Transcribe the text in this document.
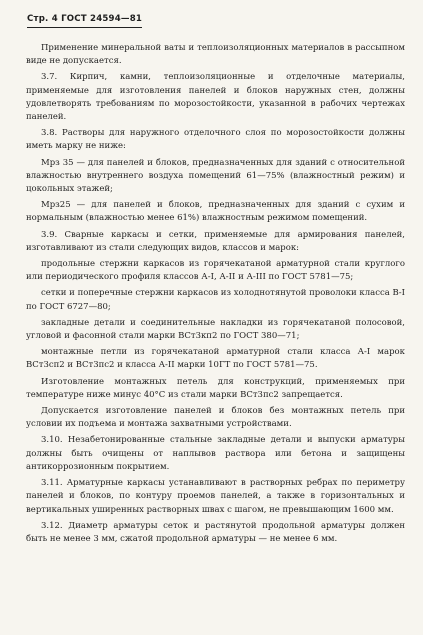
Стр. 4 ГОСТ 24594—81

Применение минеральной ваты и теплоизоляционных материалов в рассыпном виде не допускается.

3.7. Кирпич, камни, теплоизоляционные и отделочные материалы, применяемые для изготовления панелей и блоков наружных стен, должны удовлетворять требованиям по морозостойкости, указанной в рабочих чертежах панелей.

3.8. Растворы для наружного отделочного слоя по морозостойкости должны иметь марку не ниже:

Мрз 35 — для панелей и блоков, предназначенных для зданий с относительной влажностью внутреннего воздуха помещений 61—75% (влажностный режим) и цокольных этажей;

Мрз25 — для панелей и блоков, предназначенных для зданий с сухим и нормальным (влажностью менее 61%) влажностным режимом помещений.

3.9. Сварные каркасы и сетки, применяемые для армирования панелей, изготавливают из стали следующих видов, классов и марок:

продольные стержни каркасов из горячекатаной арматурной стали круглого или периодического профиля классов А-I, А-II и А-III по ГОСТ 5781—75;

сетки и поперечные стержни каркасов из холоднотянутой проволоки класса В-I по ГОСТ 6727—80;

закладные детали и соединительные накладки из горячекатаной полосовой, угловой и фасонной стали марки ВСт3кп2 по ГОСТ 380—71;

монтажные петли из горячекатаной арматурной стали класса А-I марок ВСт3сп2 и ВСт3пс2 и класса А-II марки 10ГТ по ГОСТ 5781—75.

Изготовление монтажных петель для конструкций, применяемых при температуре ниже минус 40°С из стали марки ВСт3пс2 запрещается.

Допускается изготовление панелей и блоков без монтажных петель при условии их подъема и монтажа захватными устройствами.

3.10. Незабетонированные стальные закладные детали и выпуски арматуры должны быть очищены от наплывов раствора или бетона и защищены антикоррозионным покрытием.

3.11. Арматурные каркасы устанавливают в растворных ребрах по периметру панелей и блоков, по контуру проемов панелей, а также в горизонтальных и вертикальных уширенных растворных швах с шагом, не превышающим 1600 мм.

3.12. Диаметр арматуры сеток и растянутой продольной арматуры должен быть не менее 3 мм, сжатой продольной арматуры — не менее 6 мм.
